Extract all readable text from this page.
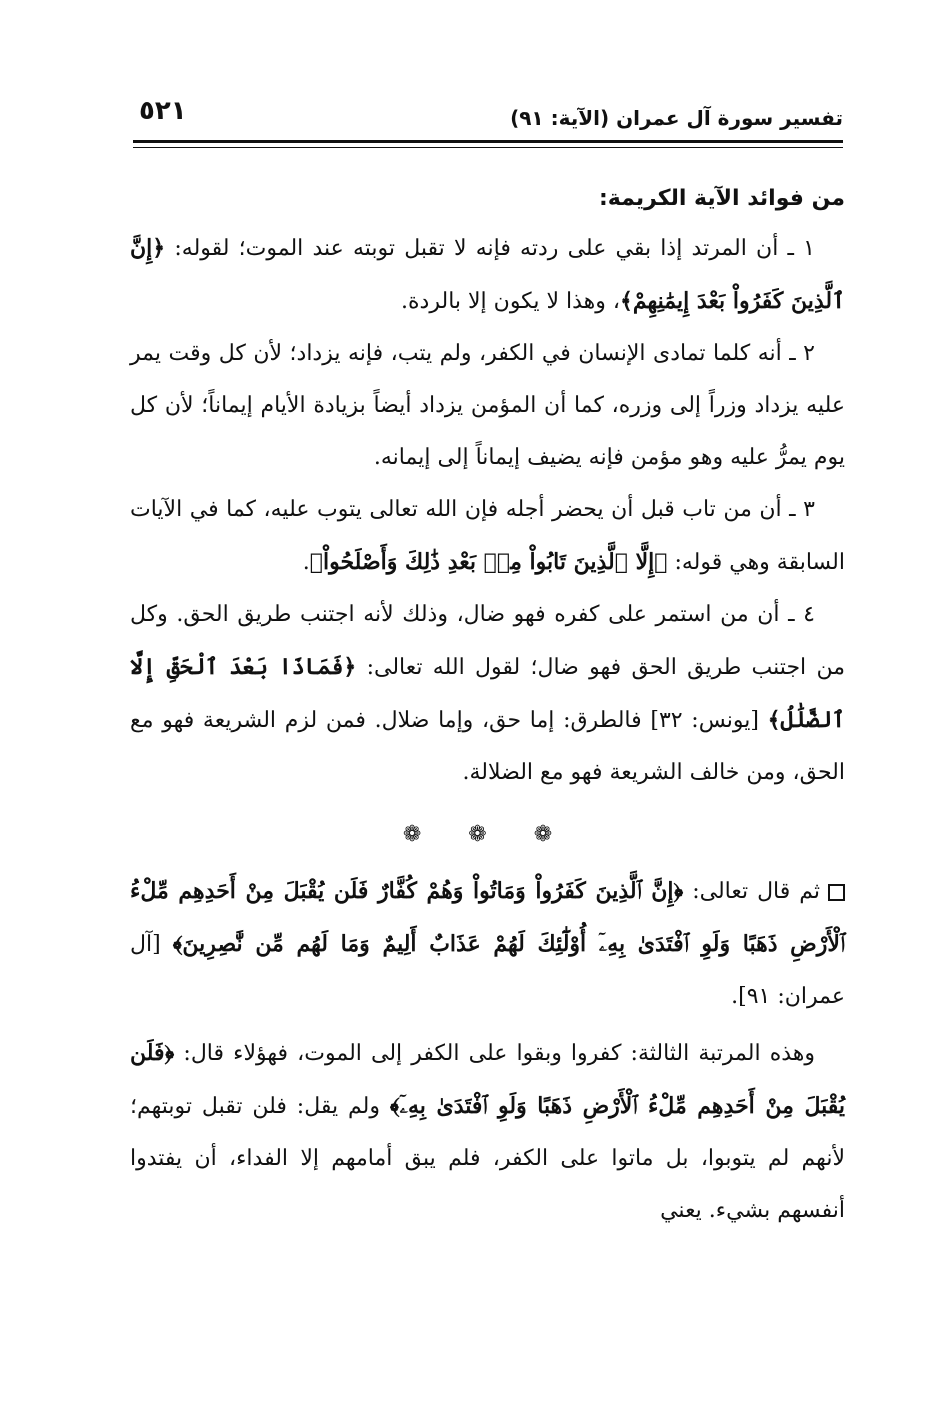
تفسير سورة آل عمران (الآية: ٩١)
٥٢١

من فوائد الآية الكريمة:

١ ـ أن المرتد إذا بقي على ردته فإنه لا تقبل توبته عند الموت؛ لقوله: ﴿إِنَّ ٱلَّذِينَ كَفَرُواْ بَعْدَ إِيمَٰنِهِمْ﴾، وهذا لا يكون إلا بالردة.

٢ ـ أنه كلما تمادى الإنسان في الكفر، ولم يتب، فإنه يزداد؛ لأن كل وقت يمر عليه يزداد وزراً إلى وزره، كما أن المؤمن يزداد أيضاً بزيادة الأيام إيماناً؛ لأن كل يوم يمرُّ عليه وهو مؤمن فإنه يضيف إيماناً إلى إيمانه.

٣ ـ أن من تاب قبل أن يحضر أجله فإن الله تعالى يتوب عليه، كما في الآيات السابقة وهي قوله: ﴿إِلَّا ٱلَّذِينَ تَابُواْ مِنۢ بَعْدِ ذَٰلِكَ وَأَصْلَحُواْ﴾.

٤ ـ أن من استمر على كفره فهو ضال، وذلك لأنه اجتنب طريق الحق. وكل من اجتنب طريق الحق فهو ضال؛ لقول الله تعالى: ﴿فَمَاذَا بَعْدَ ٱلْحَقِّ إِلَّا ٱلضَّلَٰلُ﴾ [يونس: ٣٢] فالطرق: إما حق، وإما ضلال. فمن لزم الشريعة فهو مع الحق، ومن خالف الشريعة فهو مع الضلالة.

❁ ❁ ❁

ثم قال تعالى: ﴿إِنَّ ٱلَّذِينَ كَفَرُواْ وَمَاتُواْ وَهُمْ كُفَّارٌ فَلَن يُقْبَلَ مِنْ أَحَدِهِم مِّلْءُ ٱلْأَرْضِ ذَهَبًا وَلَوِ ٱفْتَدَىٰ بِهِۦٓ أُوْلَٰٓئِكَ لَهُمْ عَذَابٌ أَلِيمٌ وَمَا لَهُم مِّن نَّٰصِرِينَ﴾ [آل عمران: ٩١].

وهذه المرتبة الثالثة: كفروا وبقوا على الكفر إلى الموت، فهؤلاء قال: ﴿فَلَن يُقْبَلَ مِنْ أَحَدِهِم مِّلْءُ ٱلْأَرْضِ ذَهَبًا وَلَوِ ٱفْتَدَىٰ بِهِۦٓ﴾ ولم يقل: فلن تقبل توبتهم؛ لأنهم لم يتوبوا، بل ماتوا على الكفر، فلم يبق أمامهم إلا الفداء، أن يفتدوا أنفسهم بشيء. يعني
